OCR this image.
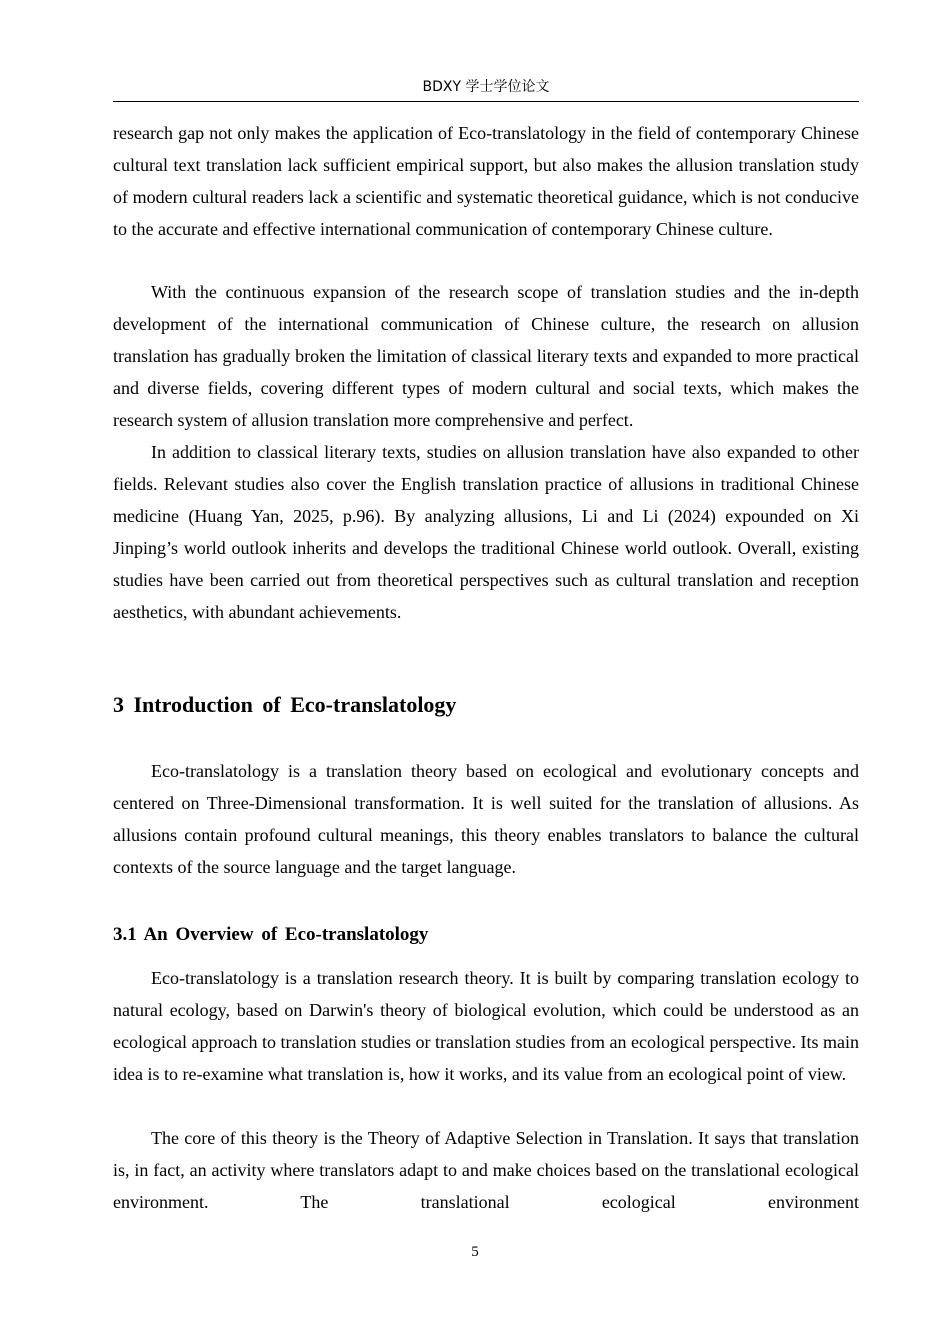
BDXY 学士学位论文

research gap not only makes the application of Eco-translatology in the field of contemporary Chinese cultural text translation lack sufficient empirical support, but also makes the allusion translation study of modern cultural readers lack a scientific and systematic theoretical guidance, which is not conducive to the accurate and effective international communication of contemporary Chinese culture.

With the continuous expansion of the research scope of translation studies and the in-depth development of the international communication of Chinese culture, the research on allusion translation has gradually broken the limitation of classical literary texts and expanded to more practical and diverse fields, covering different types of modern cultural and social texts, which makes the research system of allusion translation more comprehensive and perfect.

In addition to classical literary texts, studies on allusion translation have also expanded to other fields. Relevant studies also cover the English translation practice of allusions in traditional Chinese medicine (Huang Yan, 2025, p.96). By analyzing allusions, Li and Li (2024) expounded on Xi Jinping’s world outlook inherits and develops the traditional Chinese world outlook. Overall, existing studies have been carried out from theoretical perspectives such as cultural translation and reception aesthetics, with abundant achievements.

3 Introduction of Eco-translatology

Eco-translatology is a translation theory based on ecological and evolutionary concepts and centered on Three-Dimensional transformation. It is well suited for the translation of allusions. As allusions contain profound cultural meanings, this theory enables translators to balance the cultural contexts of the source language and the target language.

3.1 An Overview of Eco-translatology

Eco-translatology is a translation research theory. It is built by comparing translation ecology to natural ecology, based on Darwin's theory of biological evolution, which could be understood as an ecological approach to translation studies or translation studies from an ecological perspective. Its main idea is to re-examine what translation is, how it works, and its value from an ecological point of view.

The core of this theory is the Theory of Adaptive Selection in Translation. It says that translation is, in fact, an activity where translators adapt to and make choices based on the translational ecological environment. The translational ecological environment

5
